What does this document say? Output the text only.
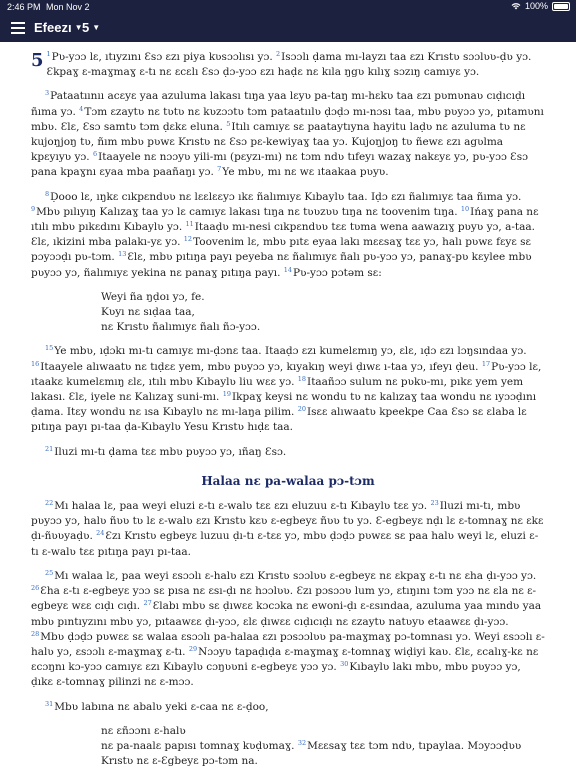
2:46 PM Mon Nov 2	100%
Efeezı ▼ 5 ▼

5 $^1$Pʋ-yɔɔ lɛ, ıtıyzını Ɛsɔ ɛzı piya kʋsɔɔlısı yɔ. $^2$Isɔɔlı ḍama mı-layzı taa ɛzı Krıstʋ sɔɔlʋʋ-ḍʋ yɔ. Ɛkpaɣ ɛ-maɣmaɣ ɛ-tı nɛ ɛcɛlı Ɛsɔ ḍɔ-yɔɔ ɛzı haḍɛ nɛ kıla ŋgʋ kılıɣ sɔzıŋ camıyɛ yɔ.

$^3$Pataatıınıı acɛyɛ yaa azuluma lakası tıŋa yaa lɛyʋ pa-taŋ mı-hɛkʋ taa ɛzı pʋmʋnaʋ cıḍıcıḍı ñıma yɔ. $^4$Tɔm ɛzaytʋ nɛ tʋtʋ nɛ kʋzɔɔtʋ tɔm pataatıılʋ ḍɔḍɔ mı-nɔsı taa, mbʋ pʋyɔɔ yɔ, pıtamʋnı mbʋ. Ɛlɛ, Ɛsɔ samtʋ tɔm ḍɛkɛ eluna. $^5$Itılı camıyɛ sɛ paataytıyna hayitu laḍʋ nɛ azuluma tʋ nɛ kujoŋjoŋ tʋ, ñım mbʋ pʋwɛ Krıstʋ nɛ Ɛsɔ pɛ-kewiyaɣ taa yɔ. Kujoŋjoŋ tʋ ñewɛ ɛzı agʋlma kpɛyıyʋ yɔ. $^6$Itaayele nɛ nɔɔyʋ yili-mı (pɛyzı-mı) nɛ tɔm ndʋ tıfeyı wazaɣ nakɛyɛ yɔ, pʋ-yɔɔ Ɛsɔ pana kpaɣnı ɛyaa mba paañaŋı yɔ. $^7$Ye mbʋ, mı nɛ wɛ ıtaakaa pʋyʋ.

$^8$Ḍooo lɛ, ıŋkɛ cıkpɛndʋʋ nɛ lɛɛlɛɛyɔ ıkɛ ñalımıyɛ Kıbaylʋ taa. Iḍɔ ɛzı ñalımıyɛ taa ñıma yɔ. $^9$Mbʋ pılıyıŋ Kalızaɣ taa yɔ lɛ camıyɛ lakası tıŋa nɛ tʋʋzʋʋ tıŋa nɛ toovenim tıŋa. $^{10}$Ińaɣ pana nɛ ıtılı mbʋ pıkɛdını Kıbaylʋ yɔ. $^{11}$Itaaḍʋ mı-nesi cıkpɛndʋʋ tɛɛ tʋma wena aawazıɣ pʋyʋ yɔ, a-taa. Ɛlɛ, ıkizini mba palakı-yɛ yɔ. $^{12}$Toovenim lɛ, mbʋ pıtɛ eyaa lakı mɛɛsaɣ tɛɛ yɔ, halı pʋwɛ fɛyɛ sɛ pɔyɔɔḍı pʋ-tɔm. $^{13}$Ɛlɛ, mbʋ pıtıŋa payı peyeba nɛ ñalımıyɛ ñalı pʋ-yɔɔ yɔ, panaɣ-pʋ kɛylee mbʋ pʋyɔɔ yɔ, ñalımıyɛ yekina nɛ panaɣ pıtıŋa payı. $^{14}$Pʋ-yɔɔ pɔtəm sɛ:

Weyi ña ŋḍoı yɔ, fe.
Kʋyı nɛ sıḍaa taa,
nɛ Krıstʋ ñalımıyɛ ñalı ñɔ-yɔɔ.

$^{15}$Ye mbʋ, ıḍɔkı mı-tı camıyɛ mı-ḍɔnɛ taa. Itaaḍɔ ɛzı kumelɛmıŋ yɔ, ɛlɛ, ıḍɔ ɛzı lɔŋsındaa yɔ. $^{16}$Itaayele alıwaatʋ nɛ tıḍɛɛ yem, mbʋ pʋyɔɔ yɔ, kıyakıŋ weyi ḍıwɛ ı-taa yɔ, ıfeyı ḍeu. $^{17}$Pʋ-yɔɔ lɛ, ıtaakɛ kumelɛmıŋ ɛlɛ, ıtılı mbʋ Kıbaylʋ liu wɛɛ yɔ. $^{18}$Itaañɔɔ sulum nɛ pʋkʋ-mı, pıkɛ yem yem lakası. Ɛlɛ, iyele nɛ Kalızaɣ suni-mı. $^{19}$Ikpaɣ keysi nɛ wondu tʋ nɛ kalızaɣ taa wondu nɛ ıyɔɔḍını ḍama. Itɛy wondu nɛ ısa Kıbaylʋ nɛ mı-laŋa pilim. $^{20}$Isɛɛ alıwaatʋ kpeekpe Caa Ɛsɔ sɛ ɛlaba lɛ pıtıŋa payı pı-taa ḍa-Kıbaylʋ Yesu Krıstʋ hıḍɛ taa.

$^{21}$Iluzi mı-tı ḍama tɛɛ mbʋ pʋyɔɔ yɔ, ıñaŋ Ɛsɔ.

Halaa nɛ pa-walaa pɔ-tɔm

$^{22}$Mı halaa lɛ, paa weyi eluzi ɛ-tı ɛ-walʋ tɛɛ ɛzı eluzuu ɛ-tı Kıbaylʋ tɛɛ yɔ. $^{23}$Iluzi mı-tı, mbʋ pʋyɔɔ yɔ, halʋ ñʋʋ tʋ lɛ ɛ-walʋ ɛzı Krıstʋ kɛʋ ɛ-egbeyɛ ñʋʋ tʋ yɔ. Ɛ-egbeyɛ nḍı lɛ ɛ-tomnaɣ nɛ ɛkɛ ḍı-ñʋʋyaḍʋ. $^{24}$Ɛzı Krıstʋ egbeyɛ luzuu ḍı-tı ɛ-tɛɛ yɔ, mbʋ ḍɔḍɔ pʋwɛɛ sɛ paa halʋ weyi lɛ, eluzi ɛ-tı ɛ-walʋ tɛɛ pıtıŋa payı pı-taa.

$^{25}$Mı walaa lɛ, paa weyi ɛsɔɔlı ɛ-halʋ ɛzı Krıstʋ sɔɔlʋʋ ɛ-egbeyɛ nɛ ɛkpaɣ ɛ-tı nɛ ɛha ḍı-yɔɔ yɔ. $^{26}$Ɛha ɛ-tı ɛ-egbeyɛ yɔɔ sɛ pısa nɛ ɛsı-ḍı nɛ hɔɔlʋʋ. Ɛzı pɔsɔɔʋ lum yɔ, ɛtıŋını tɔm yɔɔ nɛ ɛla nɛ ɛ-egbeyɛ wɛɛ cıḍı cıḍı. $^{27}$Ɛlabı mbʋ sɛ ḍıwɛɛ kɔcɔka nɛ ewoni-ḍı ɛ-ɛsındaa, azuluma yaa mındʋ yaa mbʋ pıntıyzını mbʋ yɔ, pıtaawɛɛ ḍı-yɔɔ, ɛlɛ ḍıwɛɛ cıḍıcıḍı nɛ ɛzaytʋ natʋyʋ etaawɛɛ ḍı-yɔɔ. $^{28}$Mbʋ ḍɔḍɔ pʋwɛɛ sɛ walaa ɛsɔɔlı pa-halaa ɛzı pɔsɔɔlʋʋ pa-maɣmaɣ pɔ-tomnası yɔ. Weyi ɛsɔɔlı ɛ-halʋ yɔ, ɛsɔɔlı ɛ-maɣmaɣ ɛ-tı. $^{29}$Nɔɔyʋ tapaḍıḍa ɛ-maɣmaɣ ɛ-tomnaɣ wiḍiyi kaʋ. Ɛlɛ, ɛcalıɣ-kɛ nɛ ɛcɔŋnı kɔ-yɔɔ camıyɛ ɛzı Kıbaylʋ cɔŋʋʋni ɛ-egbeyɛ yɔɔ yɔ. $^{30}$Kıbaylʋ lakı mbʋ, mbʋ pʋyɔɔ yɔ, ḍıkɛ ɛ-tomnaɣ pilinzi nɛ ɛ-mɔɔ.

$^{31}$Mbʋ labına nɛ abalʋ yeki ɛ-caa nɛ ɛ-ḍoo,

nɛ ɛñɔɔnı ɛ-halʋ
nɛ pa-naalɛ papısı tomnaɣ kʋḍʋmaɣ. $^{32}$Mɛɛsaɣ tɛɛ tɔm ndʋ, tıpaylaa. Mɔyɔɔḍʋʋ Krıstʋ nɛ ɛ-Ɛgbeyɛ pɔ-tɔm na.
